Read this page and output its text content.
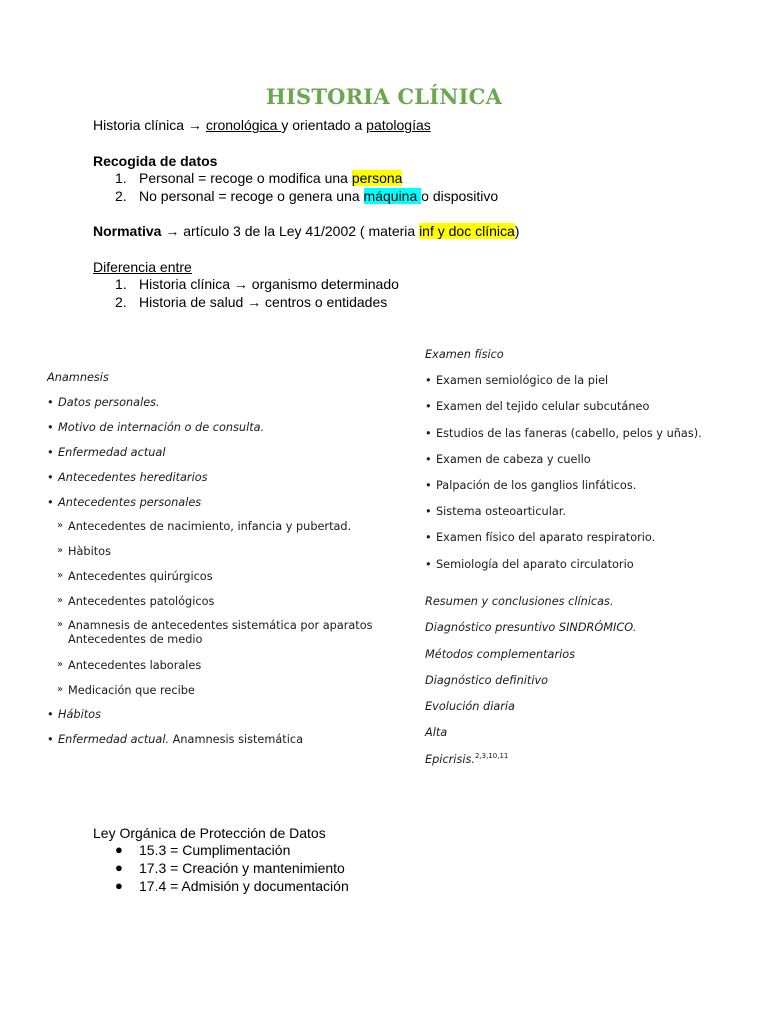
HISTORIA CLÍNICA
Historia clínica → cronológica y orientado a patologías
Recogida de datos
1. Personal = recoge o modifica una persona
2. No personal = recoge o genera una máquina o dispositivo
Normativa → artículo 3 de la Ley 41/2002 ( materia inf y doc clínica)
Diferencia entre
1. Historia clínica → organismo determinado
2. Historia de salud → centros o entidades
Anamnesis
• Datos personales.
• Motivo de internación o de consulta.
• Enfermedad actual
• Antecedentes hereditarios
• Antecedentes personales
» Antecedentes de nacimiento, infancia y pubertad.
» Hàbitos
» Antecedentes quirúrgicos
» Antecedentes patológicos
» Anamnesis de antecedentes sistemática por aparatos
Antecedentes de medio
» Antecedentes laborales
» Medicación que recibe
• Hábitos
• Enfermedad actual. Anamnesis sistemática
Examen físico
• Examen semiológico de la piel
• Examen del tejido celular subcutáneo
• Estudios de las faneras (cabello, pelos y uñas).
• Examen de cabeza y cuello
• Palpación de los ganglios linfáticos.
• Sistema osteoarticular.
• Examen físico del aparato respiratorio.
• Semiología del aparato circulatorio
Resumen y conclusiones clínicas.
Diagnóstico presuntivo SINDRÓMICO.
Métodos complementarios
Diagnóstico definitivo
Evolución diaria
Alta
Epicrisis.$^{2,3,10,11}$
Ley Orgánica de Protección de Datos
● 15.3 = Cumplimentación
● 17.3 = Creación y mantenimiento
● 17.4 = Admisión y documentación
